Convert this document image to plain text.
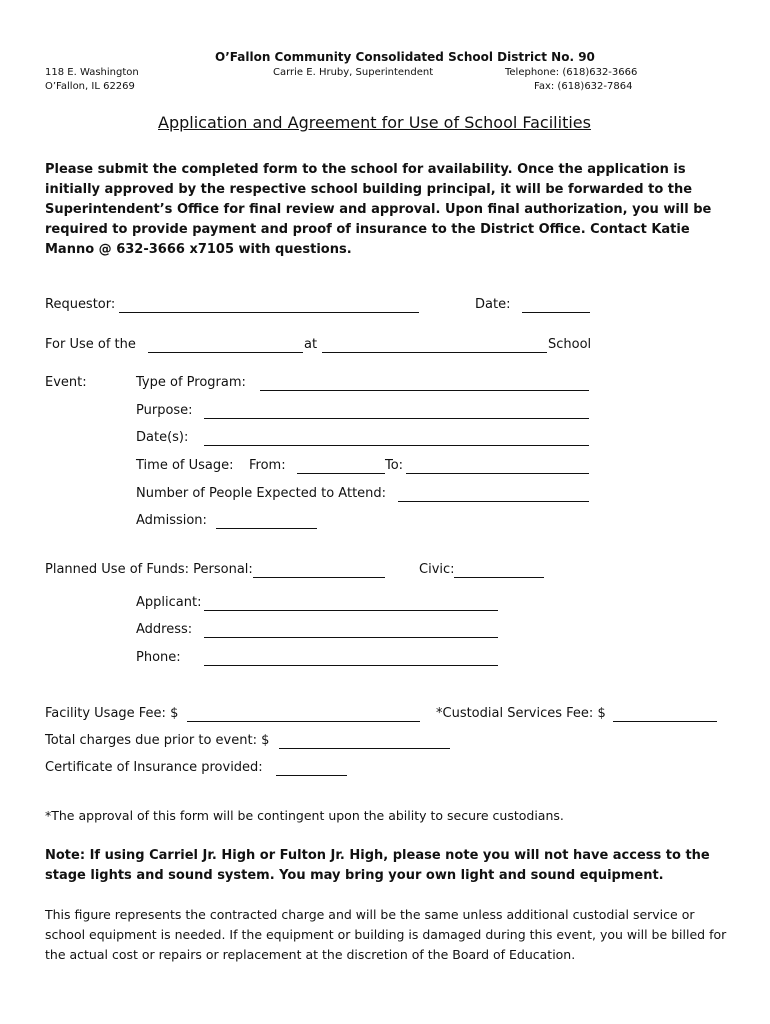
O’Fallon Community Consolidated School District No. 90
118 E. Washington
O’Fallon, IL 62269
Carrie E. Hruby, Superintendent	Telephone: (618)632-3666
Fax: (618)632-7864
Application and Agreement for Use of School Facilities
Please submit the completed form to the school for availability. Once the application is initially approved by the respective school building principal, it will be forwarded to the Superintendent’s Office for final review and approval. Upon final authorization, you will be required to provide payment and proof of insurance to the District Office. Contact Katie Manno @ 632-3666 x7105 with questions.
Requestor:	Date:
For Use of the	at	School
Event:	Type of Program:
Purpose:
Date(s):
Time of Usage: From:	To:
Number of People Expected to Attend:
Admission:
Planned Use of Funds: Personal:	Civic:
Applicant:
Address:
Phone:
Facility Usage Fee: $	*Custodial Services Fee: $
Total charges due prior to event: $
Certificate of Insurance provided:
*The approval of this form will be contingent upon the ability to secure custodians.
Note: If using Carriel Jr. High or Fulton Jr. High, please note you will not have access to the stage lights and sound system. You may bring your own light and sound equipment.
This figure represents the contracted charge and will be the same unless additional custodial service or school equipment is needed. If the equipment or building is damaged during this event, you will be billed for the actual cost or repairs or replacement at the discretion of the Board of Education.
